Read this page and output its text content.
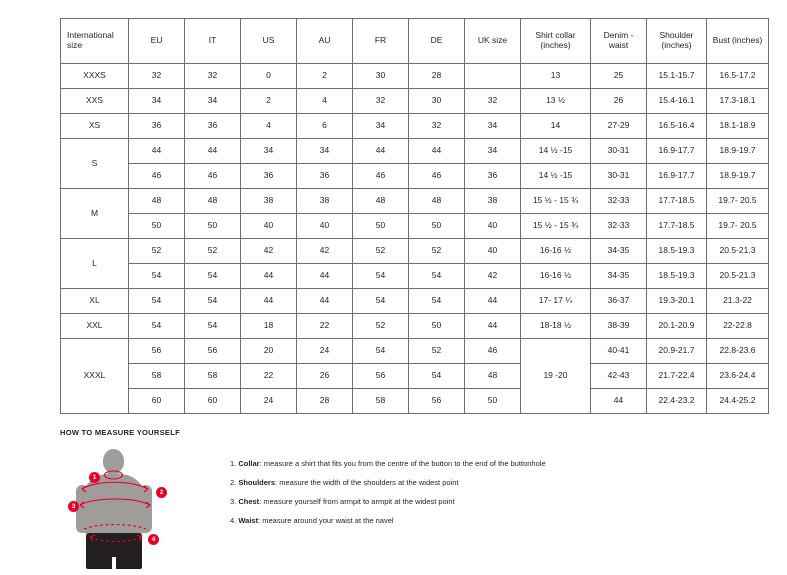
International size	EU	IT	US	AU	FR	DE	UK size	Shirt collar (inches)	Denim - waist	Shoulder (inches)	Bust (inches)
XXXS	32	32	0	2	30	28		13	25	15.1-15.7	16.5-17.2
XXS	34	34	2	4	32	30	32	13 ½	26	15.4-16.1	17.3-18.1
XS	36	36	4	6	34	32	34	14	27-29	16.5-16.4	18.1-18.9
S	44	44	34	34	44	44	34	14 ½ -15	30-31	16.9-17.7	18.9-19.7
	46	46	36	36	46	46	36	14 ½ -15	30-31	16.9-17.7	18.9-19.7
M	48	48	38	38	48	48	38	15 ½ - 15 ¾	32-33	17.7-18.5	19.7- 20.5
	50	50	40	40	50	50	40	15 ½ - 15 ¾	32-33	17.7-18.5	19.7- 20.5
L	52	52	42	42	52	52	40	16-16 ½	34-35	18.5-19.3	20.5-21.3
	54	54	44	44	54	54	42	16-16 ½	34-35	18.5-19.3	20.5-21.3
XL	54	54	44	44	54	54	44	17- 17 ¼	36-37	19.3-20.1	21.3-22
XXL	54	54	18	22	52	50	44	18-18 ½	38-39	20.1-20.9	22-22.8
XXXL	56	56	20	24	54	52	46	19 -20	40-41	20.9-21.7	22.8-23.6
	58	58	22	26	56	54	48		42-43	21.7-22.4	23.6-24.4
	60	60	24	28	58	56	50		44	22.4-23.2	24.4-25.2
HOW TO MEASURE YOURSELF
1
2
3
4
1. Collar: measure a shirt that fits you from the centre of the button to the end of the buttonhole
2. Shoulders: measure the width of the shoulders at the widest point
3. Chest: measure yourself from armpit to armpit at the widest point
4. Waist: measure around your waist at the navel
